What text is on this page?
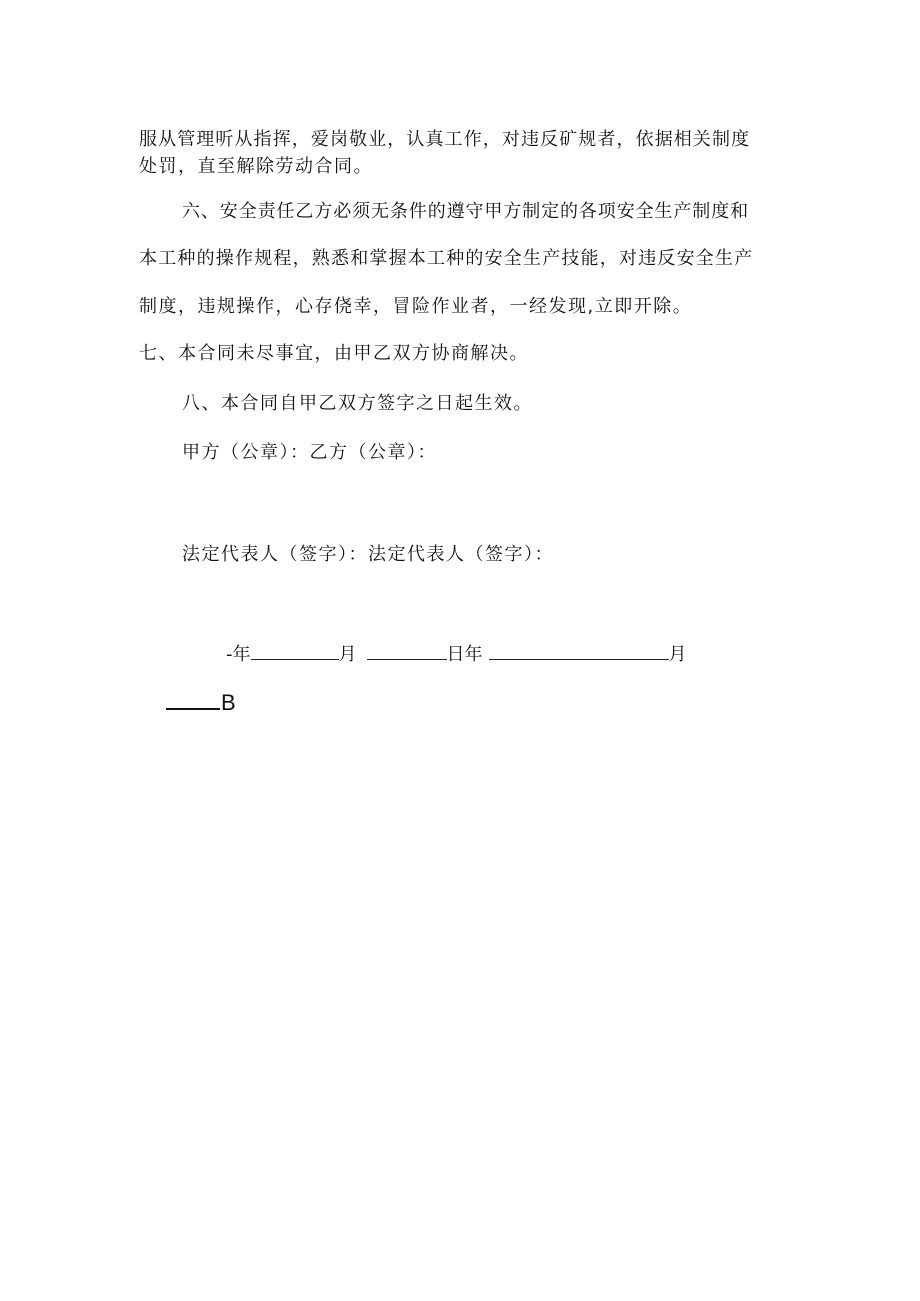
服从管理听从指挥，爱岗敬业，认真工作，对违反矿规者，依据相关制度
处罚，直至解除劳动合同。
六、安全责任乙方必须无条件的遵守甲方制定的各项安全生产制度和
本工种的操作规程，熟悉和掌握本工种的安全生产技能，对违反安全生产
制度，违规操作，心存侥幸，冒险作业者，一经发现,立即开除。
七、本合同未尽事宜，由甲乙双方协商解决。
八、本合同自甲乙双方签字之日起生效。
甲方（公章）：乙方（公章）：
法定代表人（签字）：法定代表人（签字）：
-年	月	日年	月
B
